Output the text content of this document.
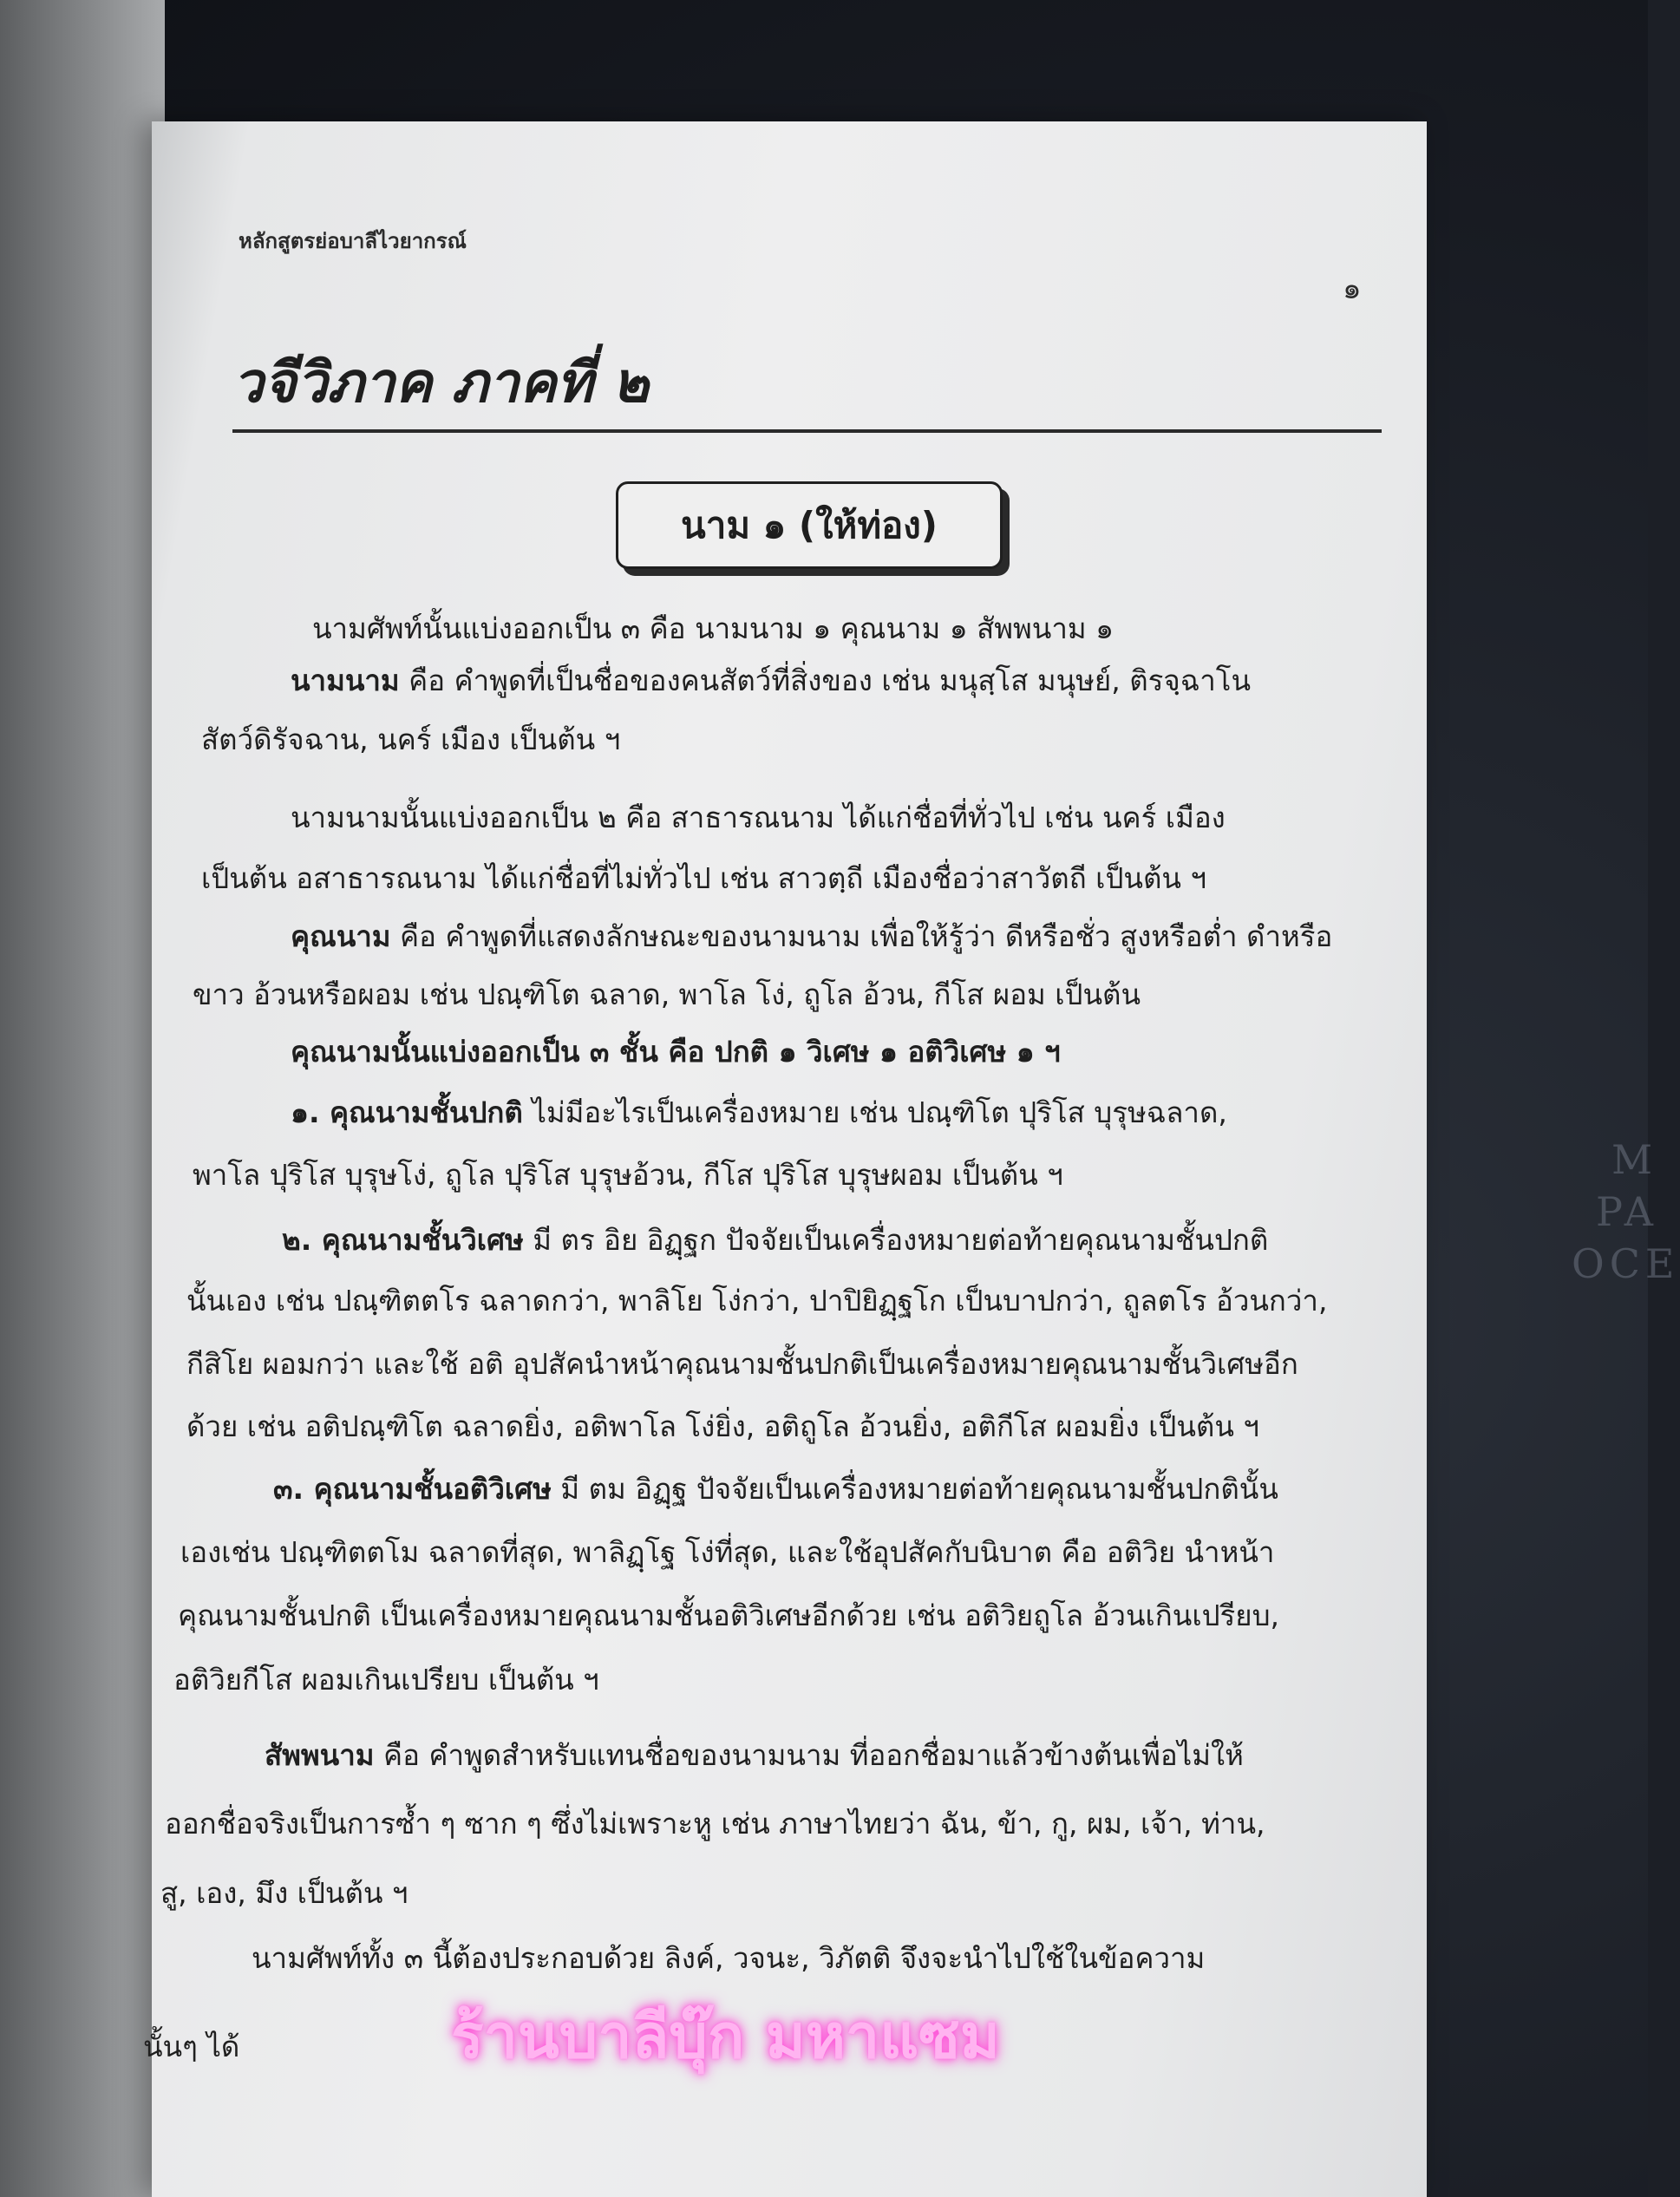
M
PA
OCE
หลักสูตรย่อบาลีไวยากรณ์
๑
วจีวิภาค ภาคที่ ๒
นาม ๑ (ให้ท่อง)
นามศัพท์นั้นแบ่งออกเป็น ๓ คือ นามนาม ๑ คุณนาม ๑ สัพพนาม ๑
นามนาม คือ คำพูดที่เป็นชื่อของคนสัตว์ที่สิ่งของ เช่น มนุสฺโส มนุษย์, ติรจฺฉาโน
สัตว์ดิรัจฉาน, นคร์ เมือง เป็นต้น ฯ
นามนามนั้นแบ่งออกเป็น ๒ คือ สาธารณนาม ได้แก่ชื่อที่ทั่วไป เช่น นคร์ เมือง
เป็นต้น อสาธารณนาม ได้แก่ชื่อที่ไม่ทั่วไป เช่น สาวตฺถี เมืองชื่อว่าสาวัตถี เป็นต้น ฯ
คุณนาม คือ คำพูดที่แสดงลักษณะของนามนาม เพื่อให้รู้ว่า ดีหรือชั่ว สูงหรือต่ำ ดำหรือ
ขาว อ้วนหรือผอม เช่น ปณฺฑิโต ฉลาด, พาโล โง่, ถูโล อ้วน, กีโส ผอม เป็นต้น
คุณนามนั้นแบ่งออกเป็น ๓ ชั้น คือ ปกติ ๑ วิเศษ ๑ อติวิเศษ ๑ ฯ
๑. คุณนามชั้นปกติ ไม่มีอะไรเป็นเครื่องหมาย เช่น ปณฺฑิโต ปุริโส บุรุษฉลาด,
พาโล ปุริโส บุรุษโง่, ถูโล ปุริโส บุรุษอ้วน, กีโส ปุริโส บุรุษผอม เป็นต้น ฯ
๒. คุณนามชั้นวิเศษ มี ตร อิย อิฏฺฐก ปัจจัยเป็นเครื่องหมายต่อท้ายคุณนามชั้นปกติ
นั้นเอง เช่น ปณฺฑิตตโร ฉลาดกว่า, พาลิโย โง่กว่า, ปาปิยิฏฺฐโก เป็นบาปกว่า, ถูลตโร อ้วนกว่า,
กีสิโย ผอมกว่า และใช้ อติ อุปสัคนำหน้าคุณนามชั้นปกติเป็นเครื่องหมายคุณนามชั้นวิเศษอีก
ด้วย เช่น อติปณฺฑิโต ฉลาดยิ่ง, อติพาโล โง่ยิ่ง, อติถูโล อ้วนยิ่ง, อติกีโส ผอมยิ่ง เป็นต้น ฯ
๓. คุณนามชั้นอติวิเศษ มี ตม อิฏฺฐ ปัจจัยเป็นเครื่องหมายต่อท้ายคุณนามชั้นปกตินั้น
เองเช่น ปณฺฑิตตโม ฉลาดที่สุด, พาลิฏฺโฐ โง่ที่สุด, และใช้อุปสัคกับนิบาต คือ อติวิย นำหน้า
คุณนามชั้นปกติ เป็นเครื่องหมายคุณนามชั้นอติวิเศษอีกด้วย เช่น อติวิยถูโล อ้วนเกินเปรียบ,
อติวิยกีโส ผอมเกินเปรียบ เป็นต้น ฯ
สัพพนาม คือ คำพูดสำหรับแทนชื่อของนามนาม ที่ออกชื่อมาแล้วข้างต้นเพื่อไม่ให้
ออกชื่อจริงเป็นการซ้ำ ๆ ซาก ๆ ซึ่งไม่เพราะหู เช่น ภาษาไทยว่า ฉัน, ข้า, กู, ผม, เจ้า, ท่าน,
สู, เอง, มึง เป็นต้น ฯ
นามศัพท์ทั้ง ๓ นี้ต้องประกอบด้วย ลิงค์, วจนะ, วิภัตติ จึงจะนำไปใช้ในข้อความ
นั้นๆ ได้	ร้านบาลีบุ๊ก มหาแซม
